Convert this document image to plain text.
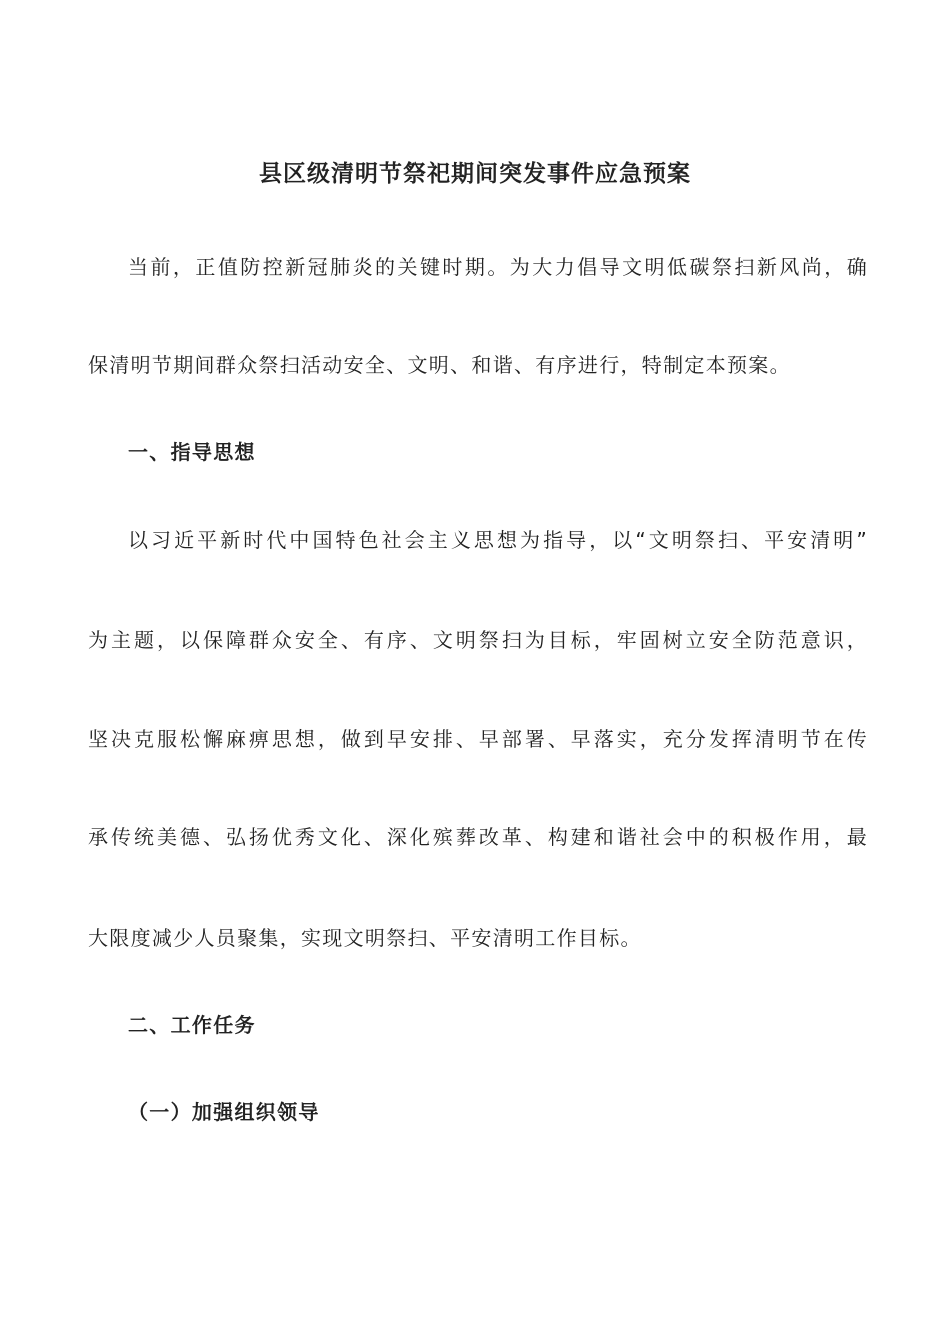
县区级清明节祭祀期间突发事件应急预案
当前，正值防控新冠肺炎的关键时期。为大力倡导文明低碳祭扫新风尚，确
保清明节期间群众祭扫活动安全、文明、和谐、有序进行，特制定本预案。
一、指导思想
以习近平新时代中国特色社会主义思想为指导，以“文明祭扫、平安清明”
为主题，以保障群众安全、有序、文明祭扫为目标，牢固树立安全防范意识，
坚决克服松懈麻痹思想，做到早安排、早部署、早落实，充分发挥清明节在传
承传统美德、弘扬优秀文化、深化殡葬改革、构建和谐社会中的积极作用，最
大限度减少人员聚集，实现文明祭扫、平安清明工作目标。
二、工作任务
（一）加强组织领导
